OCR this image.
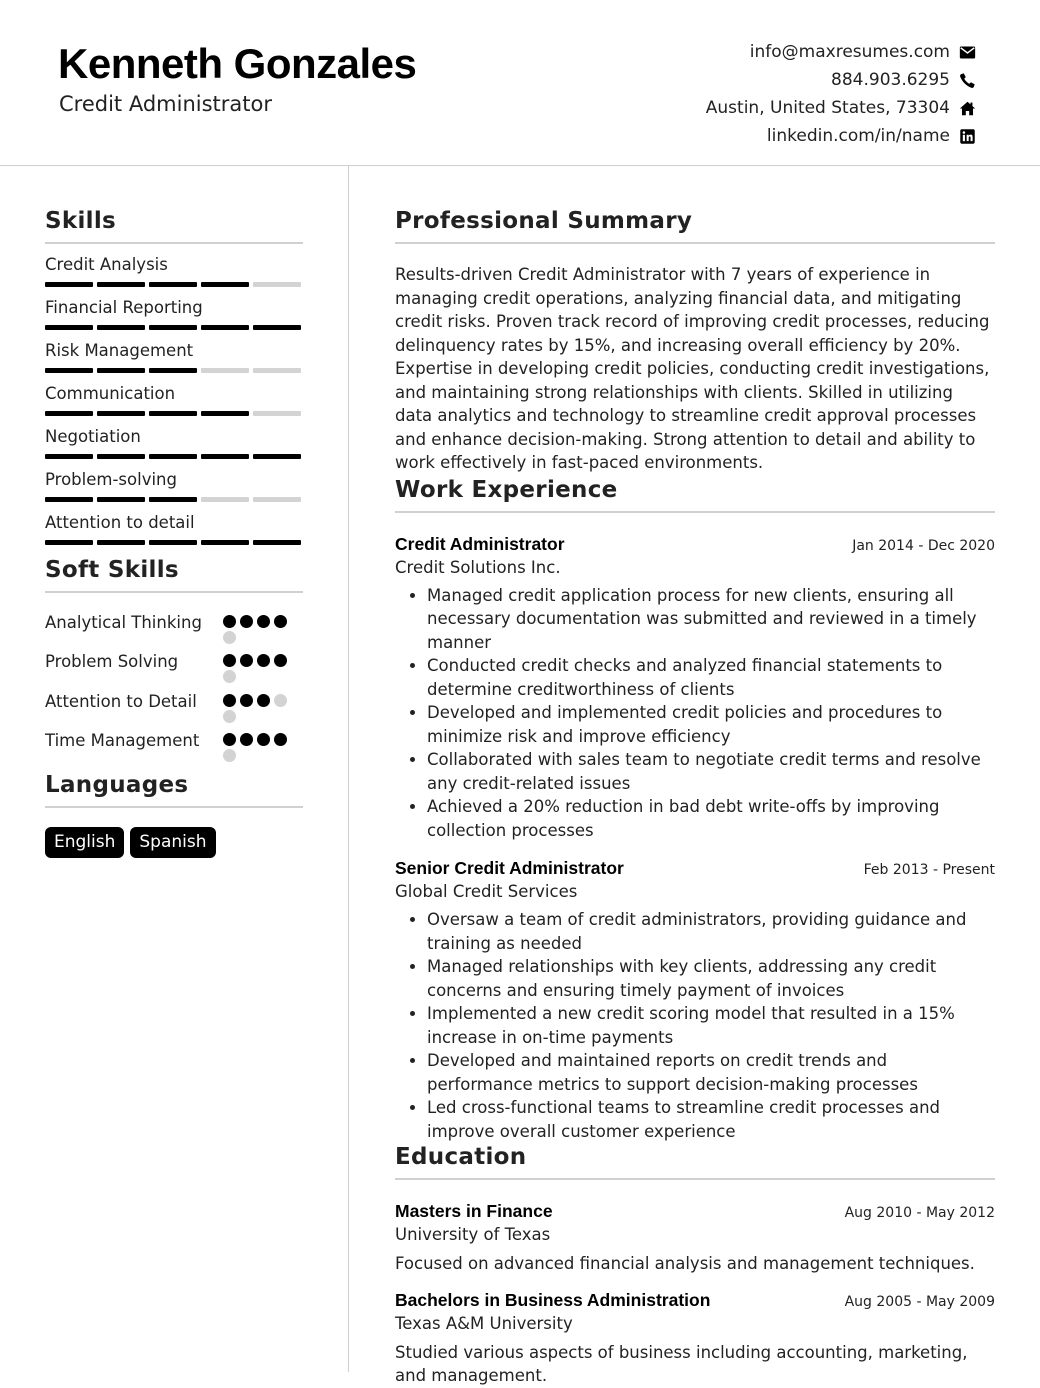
Kenneth Gonzales
Credit Administrator
info@maxresumes.com
884.903.6295
Austin, United States, 73304
linkedin.com/in/name
Skills
Credit Analysis
Financial Reporting
Risk Management
Communication
Negotiation
Problem-solving
Attention to detail
Soft Skills
Analytical Thinking
Problem Solving
Attention to Detail
Time Management
Languages
English	Spanish
Professional Summary
Results-driven Credit Administrator with 7 years of experience in managing credit operations, analyzing financial data, and mitigating credit risks. Proven track record of improving credit processes, reducing delinquency rates by 15%, and increasing overall efficiency by 20%. Expertise in developing credit policies, conducting credit investigations, and maintaining strong relationships with clients. Skilled in utilizing data analytics and technology to streamline credit approval processes and enhance decision-making. Strong attention to detail and ability to work effectively in fast-paced environments.
Work Experience
Credit Administrator	Jan 2014 - Dec 2020
Credit Solutions Inc.
• Managed credit application process for new clients, ensuring all necessary documentation was submitted and reviewed in a timely manner
• Conducted credit checks and analyzed financial statements to determine creditworthiness of clients
• Developed and implemented credit policies and procedures to minimize risk and improve efficiency
• Collaborated with sales team to negotiate credit terms and resolve any credit-related issues
• Achieved a 20% reduction in bad debt write-offs by improving collection processes
Senior Credit Administrator	Feb 2013 - Present
Global Credit Services
• Oversaw a team of credit administrators, providing guidance and training as needed
• Managed relationships with key clients, addressing any credit concerns and ensuring timely payment of invoices
• Implemented a new credit scoring model that resulted in a 15% increase in on-time payments
• Developed and maintained reports on credit trends and performance metrics to support decision-making processes
• Led cross-functional teams to streamline credit processes and improve overall customer experience
Education
Masters in Finance	Aug 2010 - May 2012
University of Texas
Focused on advanced financial analysis and management techniques.
Bachelors in Business Administration	Aug 2005 - May 2009
Texas A&M University
Studied various aspects of business including accounting, marketing, and management.
